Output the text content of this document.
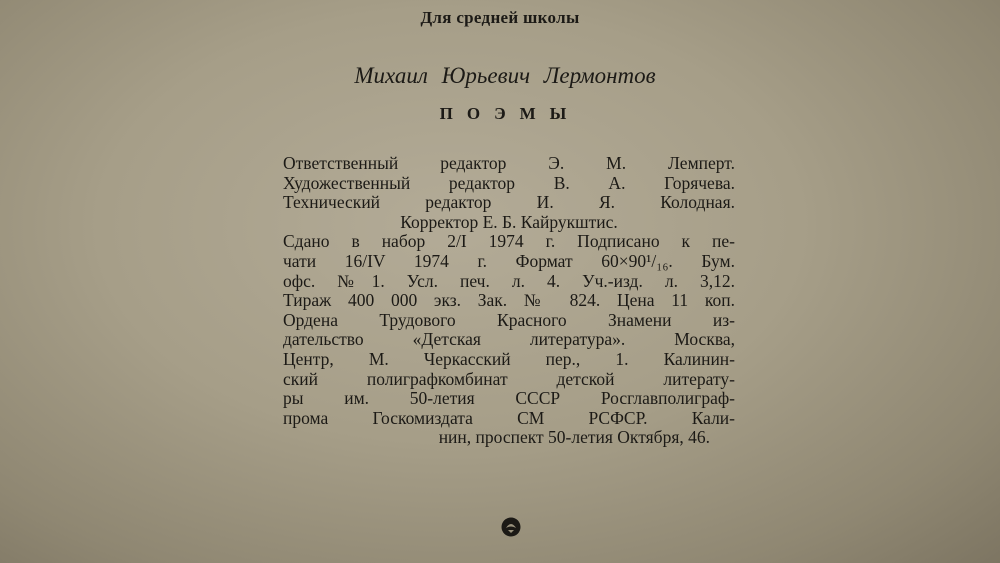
Для средней школы
Михаил Юрьевич Лермонтов
ПОЭМЫ
Ответственный редактор Э. М. Лемперт.
Художественный редактор В. А. Горячева.
Технический редактор И. Я. Колодная.
Корректор Е. Б. Кайрукштис.
Сдано в набор 2/I 1974 г. Подписано к пе-
чати 16/IV 1974 г. Формат 60×90¹/₁₆. Бум.
офс. №1. Усл. печ. л. 4. Уч.-изд. л. 3,12.
Тираж 400 000 экз. Зак. № 824. Цена 11 коп.
Ордена Трудового Красного Знамени из-
дательство «Детская литература». Москва,
Центр, М. Черкасский пер., 1. Калинин-
ский полиграфкомбинат детской литерату-
ры им. 50-летия СССР Росглавполиграф-
прома Госкомиздата СМ РСФСР. Кали-
нин, проспект 50-летия Октября, 46.
